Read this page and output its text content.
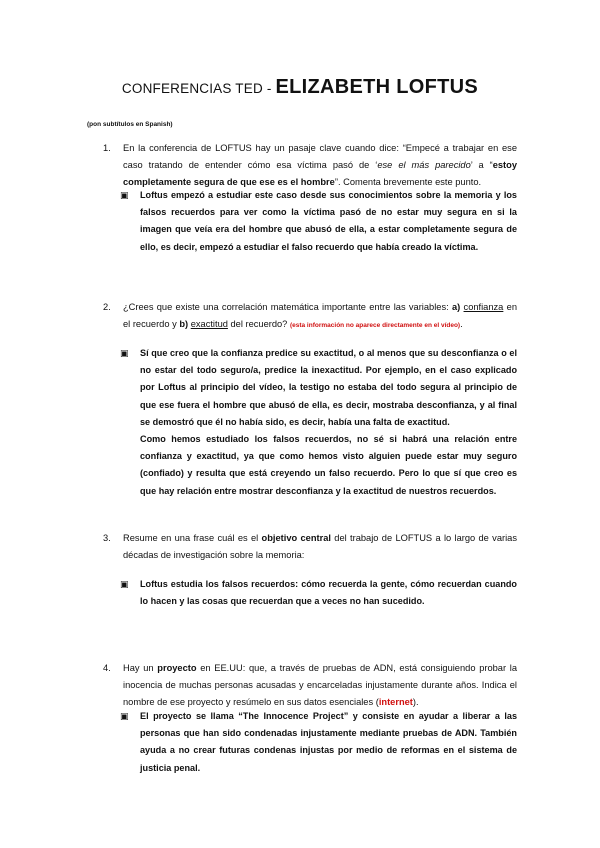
CONFERENCIAS TED - ELIZABETH LOFTUS
(pon subtítulos en Spanish)
1. En la conferencia de LOFTUS hay un pasaje clave cuando dice: “Empecé a trabajar en ese caso tratando de entender cómo esa víctima pasó de ‘ese el más parecido’ a “estoy completamente segura de que ese es el hombre”. Comenta brevemente este punto.
▣ Loftus empezó a estudiar este caso desde sus conocimientos sobre la memoria y los falsos recuerdos para ver como la víctima pasó de no estar muy segura en si la imagen que veía era del hombre que abusó de ella, a estar completamente segura de ello, es decir, empezó a estudiar el falso recuerdo que había creado la víctima.

2. ¿Crees que existe una correlación matemática importante entre las variables: a) confianza en el recuerdo y b) exactitud del recuerdo? (esta información no aparece directamente en el vídeo).
▣ Sí que creo que la confianza predice su exactitud, o al menos que su desconfianza o el no estar del todo seguro/a, predice la inexactitud. Por ejemplo, en el caso explicado por Loftus al principio del vídeo, la testigo no estaba del todo segura al principio de que ese fuera el hombre que abusó de ella, es decir, mostraba desconfianza, y al final se demostró que él no había sido, es decir, había una falta de exactitud.

Como hemos estudiado los falsos recuerdos, no sé si habrá una relación entre confianza y exactitud, ya que como hemos visto alguien puede estar muy seguro (confiado) y resulta que está creyendo un falso recuerdo. Pero lo que sí que creo es que hay relación entre mostrar desconfianza y la exactitud de nuestros recuerdos.

3. Resume en una frase cuál es el objetivo central del trabajo de LOFTUS a lo largo de varias décadas de investigación sobre la memoria:
▣ Loftus estudia los falsos recuerdos: cómo recuerda la gente, cómo recuerdan cuando lo hacen y las cosas que recuerdan que a veces no han sucedido.

4. Hay un proyecto en EE.UU: que, a través de pruebas de ADN, está consiguiendo probar la inocencia de muchas personas acusadas y encarceladas injustamente durante años. Indica el nombre de ese proyecto y resúmelo en sus datos esenciales (internet).
▣ El proyecto se llama “The Innocence Project” y consiste en ayudar a liberar a las personas que han sido condenadas injustamente mediante pruebas de ADN. También ayuda a no crear futuras condenas injustas por medio de reformas en el sistema de justicia penal.
